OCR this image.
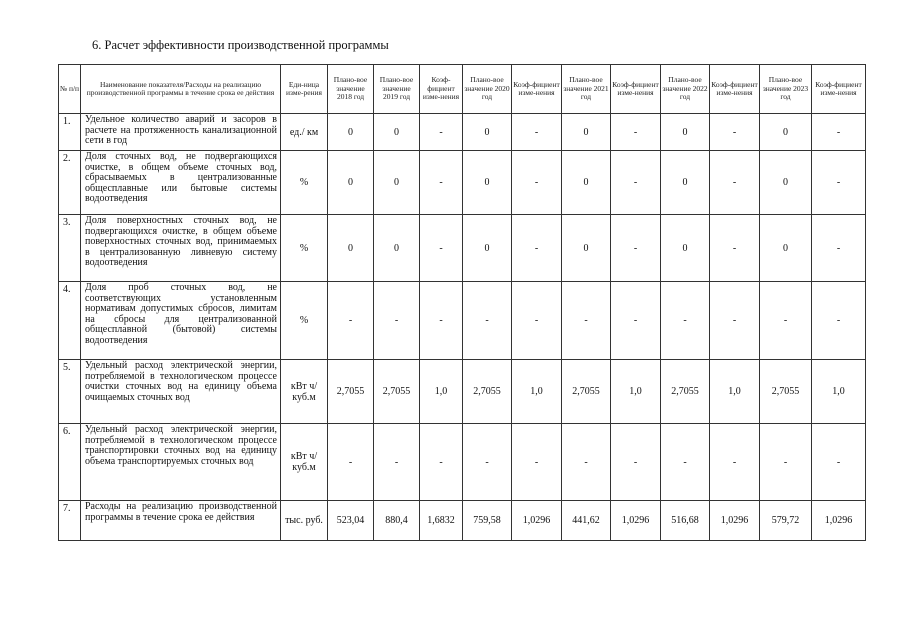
6. Расчет эффективности производственной программы
№ п/п	Наименование показателя/Расходы на реализацию производственной программы в течение срока ее действия	Еди-ница изме-рения	Плано-вое значение 2018 год	Плано-вое значение 2019 год	Коэф-фициент изме-нения	Плано-вое значение 2020 год	Коэф-фициент изме-нения	Плано-вое значение 2021 год	Коэф-фициент изме-нения	Плано-вое значение 2022 год	Коэф-фициент изме-нения	Плано-вое значение 2023 год	Коэф-фициент изме-нения
1.	Удельное количество аварий и засоров в расчете на протяженность канализационной сети в год	ед./ км	0	0	-	0	-	0	-	0	-	0	-
2.	Доля сточных вод, не подвергающихся очистке, в общем объеме сточных вод, сбрасываемых в централизованные общесплавные или бытовые системы водоотведения	%	0	0	-	0	-	0	-	0	-	0	-
3.	Доля поверхностных сточных вод, не подвергающихся очистке, в общем объеме поверхностных сточных вод, принимаемых в централизованную ливневую систему водоотведения	%	0	0	-	0	-	0	-	0	-	0	-
4.	Доля проб сточных вод, не соответствующих установленным нормативам допустимых сбросов, лимитам на сбросы для централизованной общесплавной (бытовой) системы водоотведения	%	-	-	-	-	-	-	-	-	-	-	-
5.	Удельный расход электрической энергии, потребляемой в технологическом процессе очистки сточных вод на единицу объема очищаемых сточных вод	кВт ч/куб.м	2,7055	2,7055	1,0	2,7055	1,0	2,7055	1,0	2,7055	1,0	2,7055	1,0
6.	Удельный расход электрической энергии, потребляемой в технологическом процессе транспортировки сточных вод на единицу объема транспортируемых сточных вод	кВт ч/куб.м	-	-	-	-	-	-	-	-	-	-	-
7.	Расходы на реализацию производственной программы в течение срока ее действия	тыс. руб.	523,04	880,4	1,6832	759,58	1,0296	441,62	1,0296	516,68	1,0296	579,72	1,0296
